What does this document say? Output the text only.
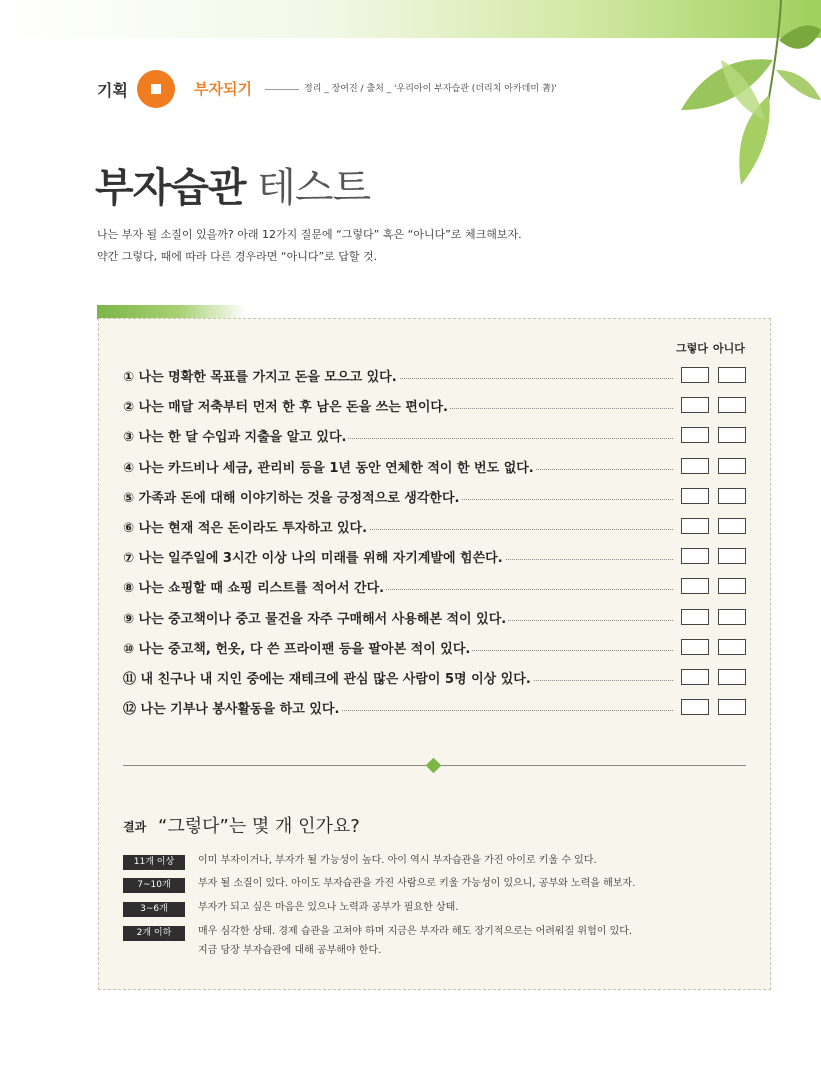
기획	부자되기	정리 _ 장여진 / 출처 _ '우리아이 부자습관 (더리치 아카데미 著)'
부자습관 테스트
나는 부자 될 소질이 있을까? 아래 12가지 질문에 “그렇다” 혹은 “아니다”로 체크해보자.
약간 그렇다, 때에 따라 다른 경우라면 “아니다”로 답할 것.
그렇다 아니다
① 나는 명확한 목표를 가지고 돈을 모으고 있다.
② 나는 매달 저축부터 먼저 한 후 남은 돈을 쓰는 편이다.
③ 나는 한 달 수입과 지출을 알고 있다.
④ 나는 카드비나 세금, 관리비 등을 1년 동안 연체한 적이 한 번도 없다.
⑤ 가족과 돈에 대해 이야기하는 것을 긍정적으로 생각한다.
⑥ 나는 현재 적은 돈이라도 투자하고 있다.
⑦ 나는 일주일에 3시간 이상 나의 미래를 위해 자기계발에 힘쓴다.
⑧ 나는 쇼핑할 때 쇼핑 리스트를 적어서 간다.
⑨ 나는 중고책이나 중고 물건을 자주 구매해서 사용해본 적이 있다.
⑩ 나는 중고책, 헌옷, 다 쓴 프라이팬 등을 팔아본 적이 있다.
⑪ 내 친구나 내 지인 중에는 재테크에 관심 많은 사람이 5명 이상 있다.
⑫ 나는 기부나 봉사활동을 하고 있다.
결과 “그렇다”는 몇 개 인가요?
11개 이상	이미 부자이거나, 부자가 될 가능성이 높다. 아이 역시 부자습관을 가진 아이로 키울 수 있다.
7~10개	부자 될 소질이 있다. 아이도 부자습관을 가진 사람으로 키울 가능성이 있으니, 공부와 노력을 해보자.
3~6개	부자가 되고 싶은 마음은 있으나 노력과 공부가 필요한 상태.
2개 이하	매우 심각한 상태. 경제 습관을 고쳐야 하며 지금은 부자라 해도 장기적으로는 어려워질 위험이 있다.
지금 당장 부자습관에 대해 공부해야 한다.
